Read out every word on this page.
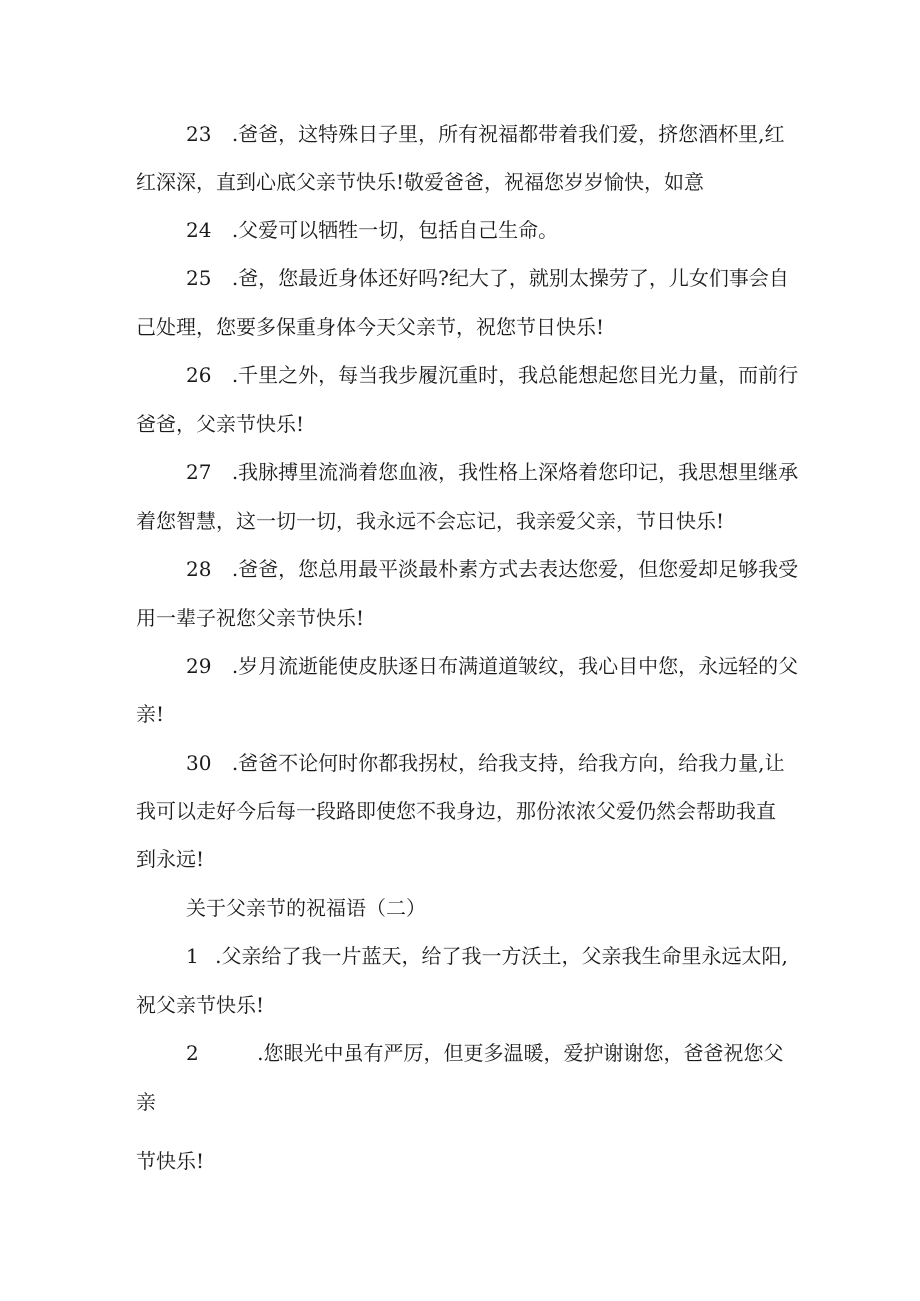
23 .爸爸，这特殊日子里，所有祝福都带着我们爱，挤您酒杯里,红
红深深，直到心底父亲节快乐!敬爱爸爸，祝福您岁岁愉快，如意
24 .父爱可以牺牲一切，包括自己生命。
25 .爸，您最近身体还好吗?纪大了，就别太操劳了，儿女们事会自
己处理，您要多保重身体今天父亲节，祝您节日快乐!
26 .千里之外，每当我步履沉重时，我总能想起您目光力量，而前行
爸爸，父亲节快乐!
27 .我脉搏里流淌着您血液，我性格上深烙着您印记，我思想里继承
着您智慧，这一切一切，我永远不会忘记，我亲爱父亲，节日快乐!
28 .爸爸，您总用最平淡最朴素方式去表达您爱，但您爱却足够我受
用一辈子祝您父亲节快乐!
29 .岁月流逝能使皮肤逐日布满道道皱纹，我心目中您，永远轻的父
亲!
30 .爸爸不论何时你都我拐杖，给我支持，给我方向，给我力量,让
我可以走好今后每一段路即使您不我身边，那份浓浓父爱仍然会帮助我直
到永远!
关于父亲节的祝福语（二）
1 .父亲给了我一片蓝天，给了我一方沃土，父亲我生命里永远太阳,
祝父亲节快乐!
2	.您眼光中虽有严厉，但更多温暖，爱护谢谢您，爸爸祝您父
亲
节快乐!
